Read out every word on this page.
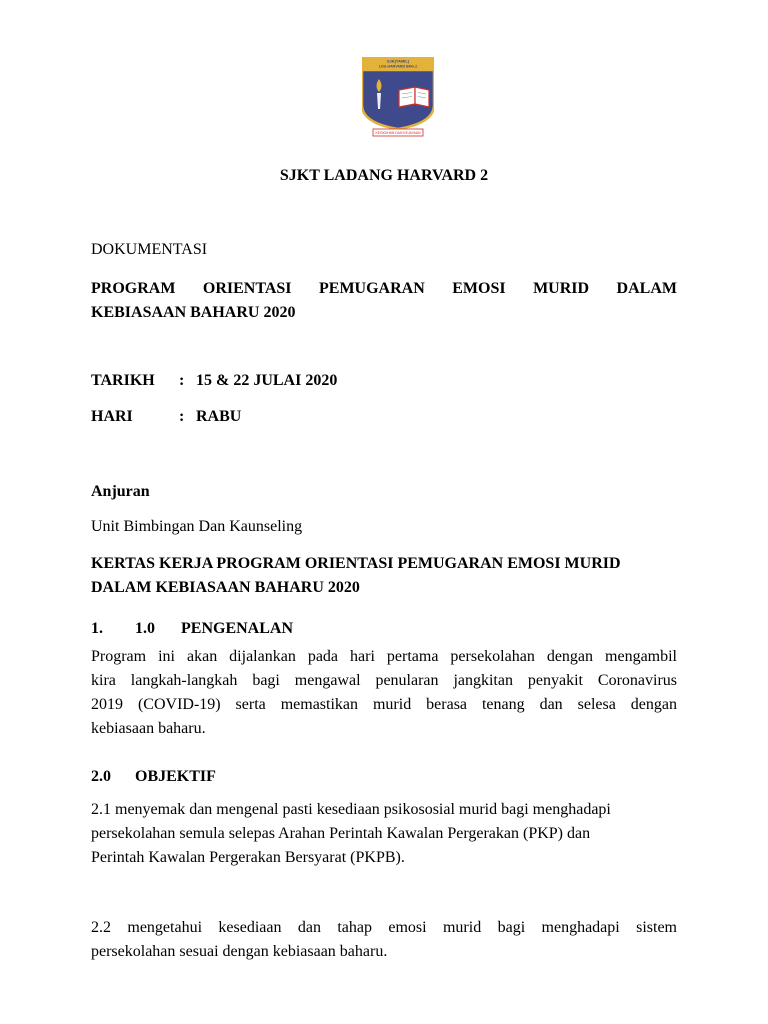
SJK(TAMIL)
LDG.HARVARD BHG.2
KEGIGIHAN DAN KEJAYAAN
SJKT LADANG HARVARD 2
DOKUMENTASI
PROGRAM ORIENTASI PEMUGARAN EMOSI MURID DALAM
KEBIASAAN BAHARU 2020
TARIKH : 15 & 22 JULAI 2020
HARI	: RABU
Anjuran
Unit Bimbingan Dan Kaunseling
KERTAS KERJA PROGRAM ORIENTASI PEMUGARAN EMOSI MURID
DALAM KEBIASAAN BAHARU 2020
1. 1.0 PENGENALAN
Program ini akan dijalankan pada hari pertama persekolahan dengan mengambil
kira langkah-langkah bagi mengawal penularan jangkitan penyakit Coronavirus
2019 (COVID-19) serta memastikan murid berasa tenang dan selesa dengan
kebiasaan baharu.
2.0 OBJEKTIF
2.1 menyemak dan mengenal pasti kesediaan psikososial murid bagi menghadapi
persekolahan semula selepas Arahan Perintah Kawalan Pergerakan (PKP) dan
Perintah Kawalan Pergerakan Bersyarat (PKPB).
2.2 mengetahui kesediaan dan tahap emosi murid bagi menghadapi sistem
persekolahan sesuai dengan kebiasaan baharu.
